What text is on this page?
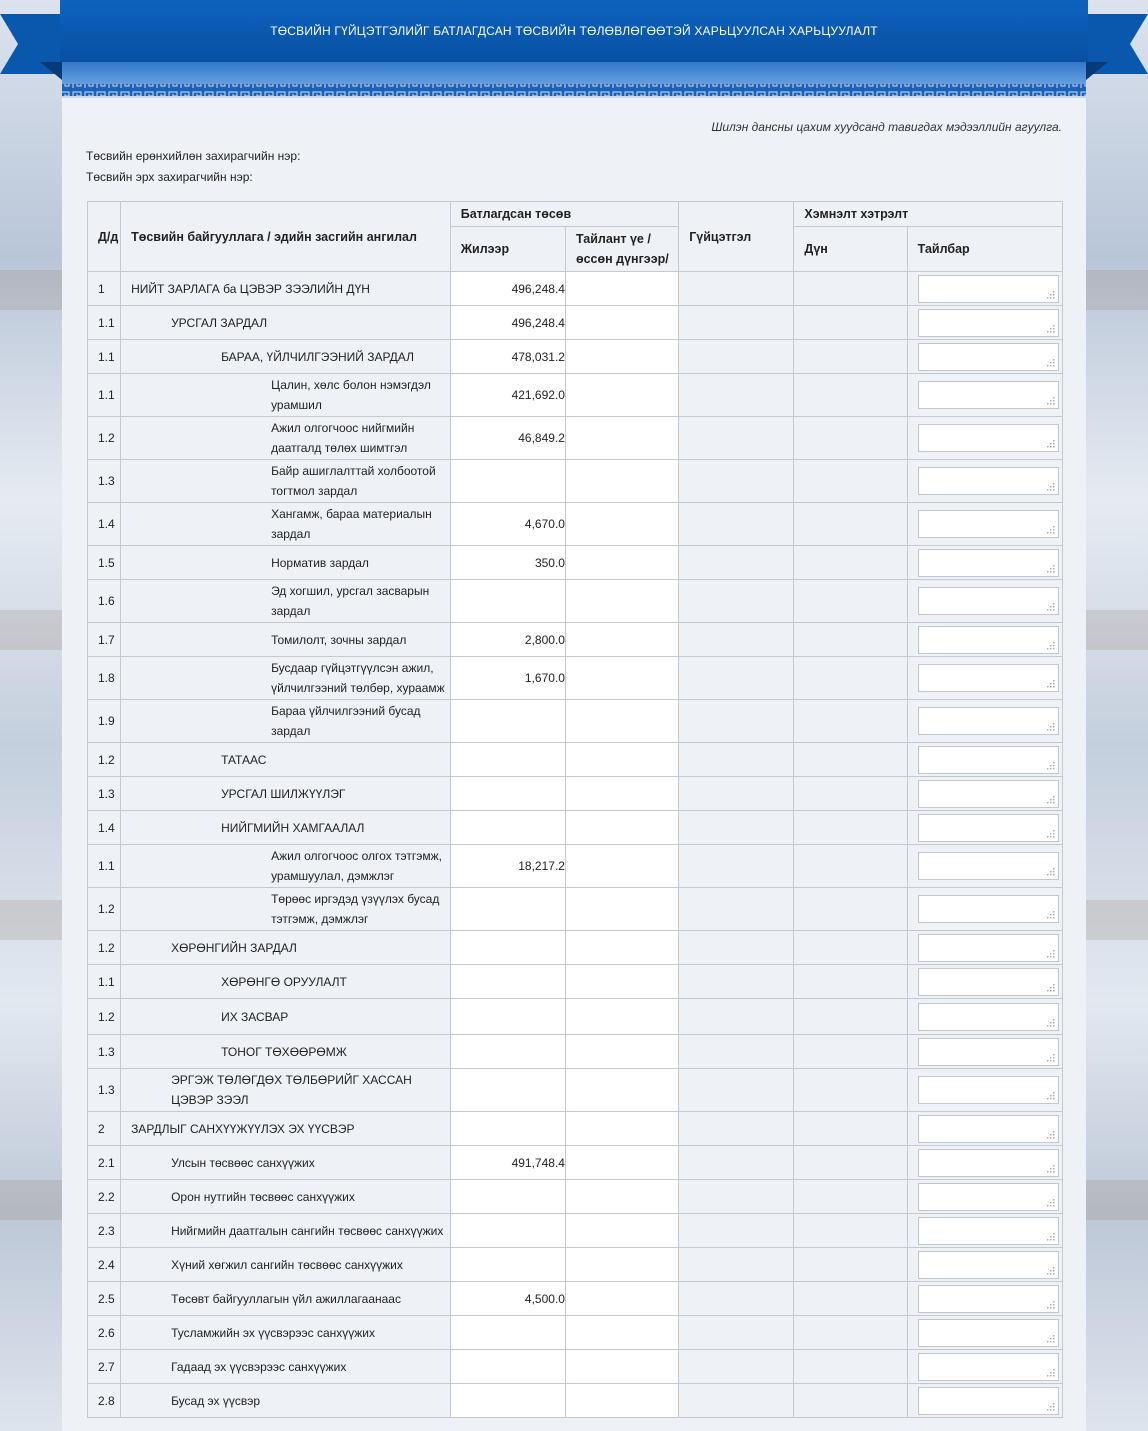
ТӨСВИЙН ГҮЙЦЭТГЭЛИЙГ БАТЛАГДСАН ТӨСВИЙН ТӨЛӨВЛӨГӨӨТЭЙ ХАРЬЦУУЛСАН ХАРЬЦУУЛАЛТ
Шилэн дансны цахим хуудсанд тавигдах мэдээллийн агуулга.
Төсвийн ерөнхийлөн захирагчийн нэр:
Төсвийн эрх захирагчийн нэр:
Д/д	Төсвийн байгууллага / эдийн засгийн ангилал	Батлагдсан төсөв		Гүйцэтгэл	Хэмнэлт хэтрэлт	
		Жилээр	Тайлант үе /өссөн дүнгээр/		Дүн	Тайлбар
1	НИЙТ ЗАРЛАГА ба ЦЭВЭР ЗЭЭЛИЙН ДҮН	496,248.4				

1.1	УРСГАЛ ЗАРДАЛ	496,248.4				

1.1	БАРАА, ҮЙЛЧИЛГЭЭНИЙ ЗАРДАЛ	478,031.2				

1.1	Цалин, хөлс болон нэмэгдэл урамшил	421,692.0				

1.2	Ажил олгогчоос нийгмийн даатгалд төлөх шимтгэл	46,849.2				

1.3	Байр ашиглалттай холбоотой тогтмол зардал					

1.4	Хангамж, бараа материалын зардал	4,670.0				

1.5	Норматив зардал	350.0				

1.6	Эд хогшил, урсгал засварын зардал					

1.7	Томилолт, зочны зардал	2,800.0				

1.8	Бусдаар гүйцэтгүүлсэн ажил, үйлчилгээний төлбөр, хураамж	1,670.0				

1.9	Бараа үйлчилгээний бусад зардал					

1.2	ТАТААС					

1.3	УРСГАЛ ШИЛЖҮҮЛЭГ					

1.4	НИЙГМИЙН ХАМГААЛАЛ					

1.1	Ажил олгогчоос олгох тэтгэмж, урамшуулал, дэмжлэг	18,217.2				

1.2	Төрөөс иргэдэд үзүүлэх бусад тэтгэмж, дэмжлэг					

1.2	ХӨРӨНГИЙН ЗАРДАЛ					

1.1	ХӨРӨНГӨ ОРУУЛАЛТ					

1.2	ИХ ЗАСВАР					

1.3	ТОНОГ ТӨХӨӨРӨМЖ					

1.3	ЭРГЭЖ ТӨЛӨГДӨХ ТӨЛБӨРИЙГ ХАССАН ЦЭВЭР ЗЭЭЛ					

2	ЗАРДЛЫГ САНХҮҮЖҮҮЛЭХ ЭХ ҮҮСВЭР					

2.1	Улсын төсвөөс санхүүжих	491,748.4				

2.2	Орон нутгийн төсвөөс санхүүжих					

2.3	Нийгмийн даатгалын сангийн төсвөөс санхүүжих					

2.4	Хүний хөгжил сангийн төсвөөс санхүүжих					

2.5	Төсөвт байгууллагын үйл ажиллагаанаас	4,500.0				

2.6	Тусламжийн эх үүсвэрээс санхүүжих					

2.7	Гадаад эх үүсвэрээс санхүүжих					

2.8	Бусад эх үүсвэр					
